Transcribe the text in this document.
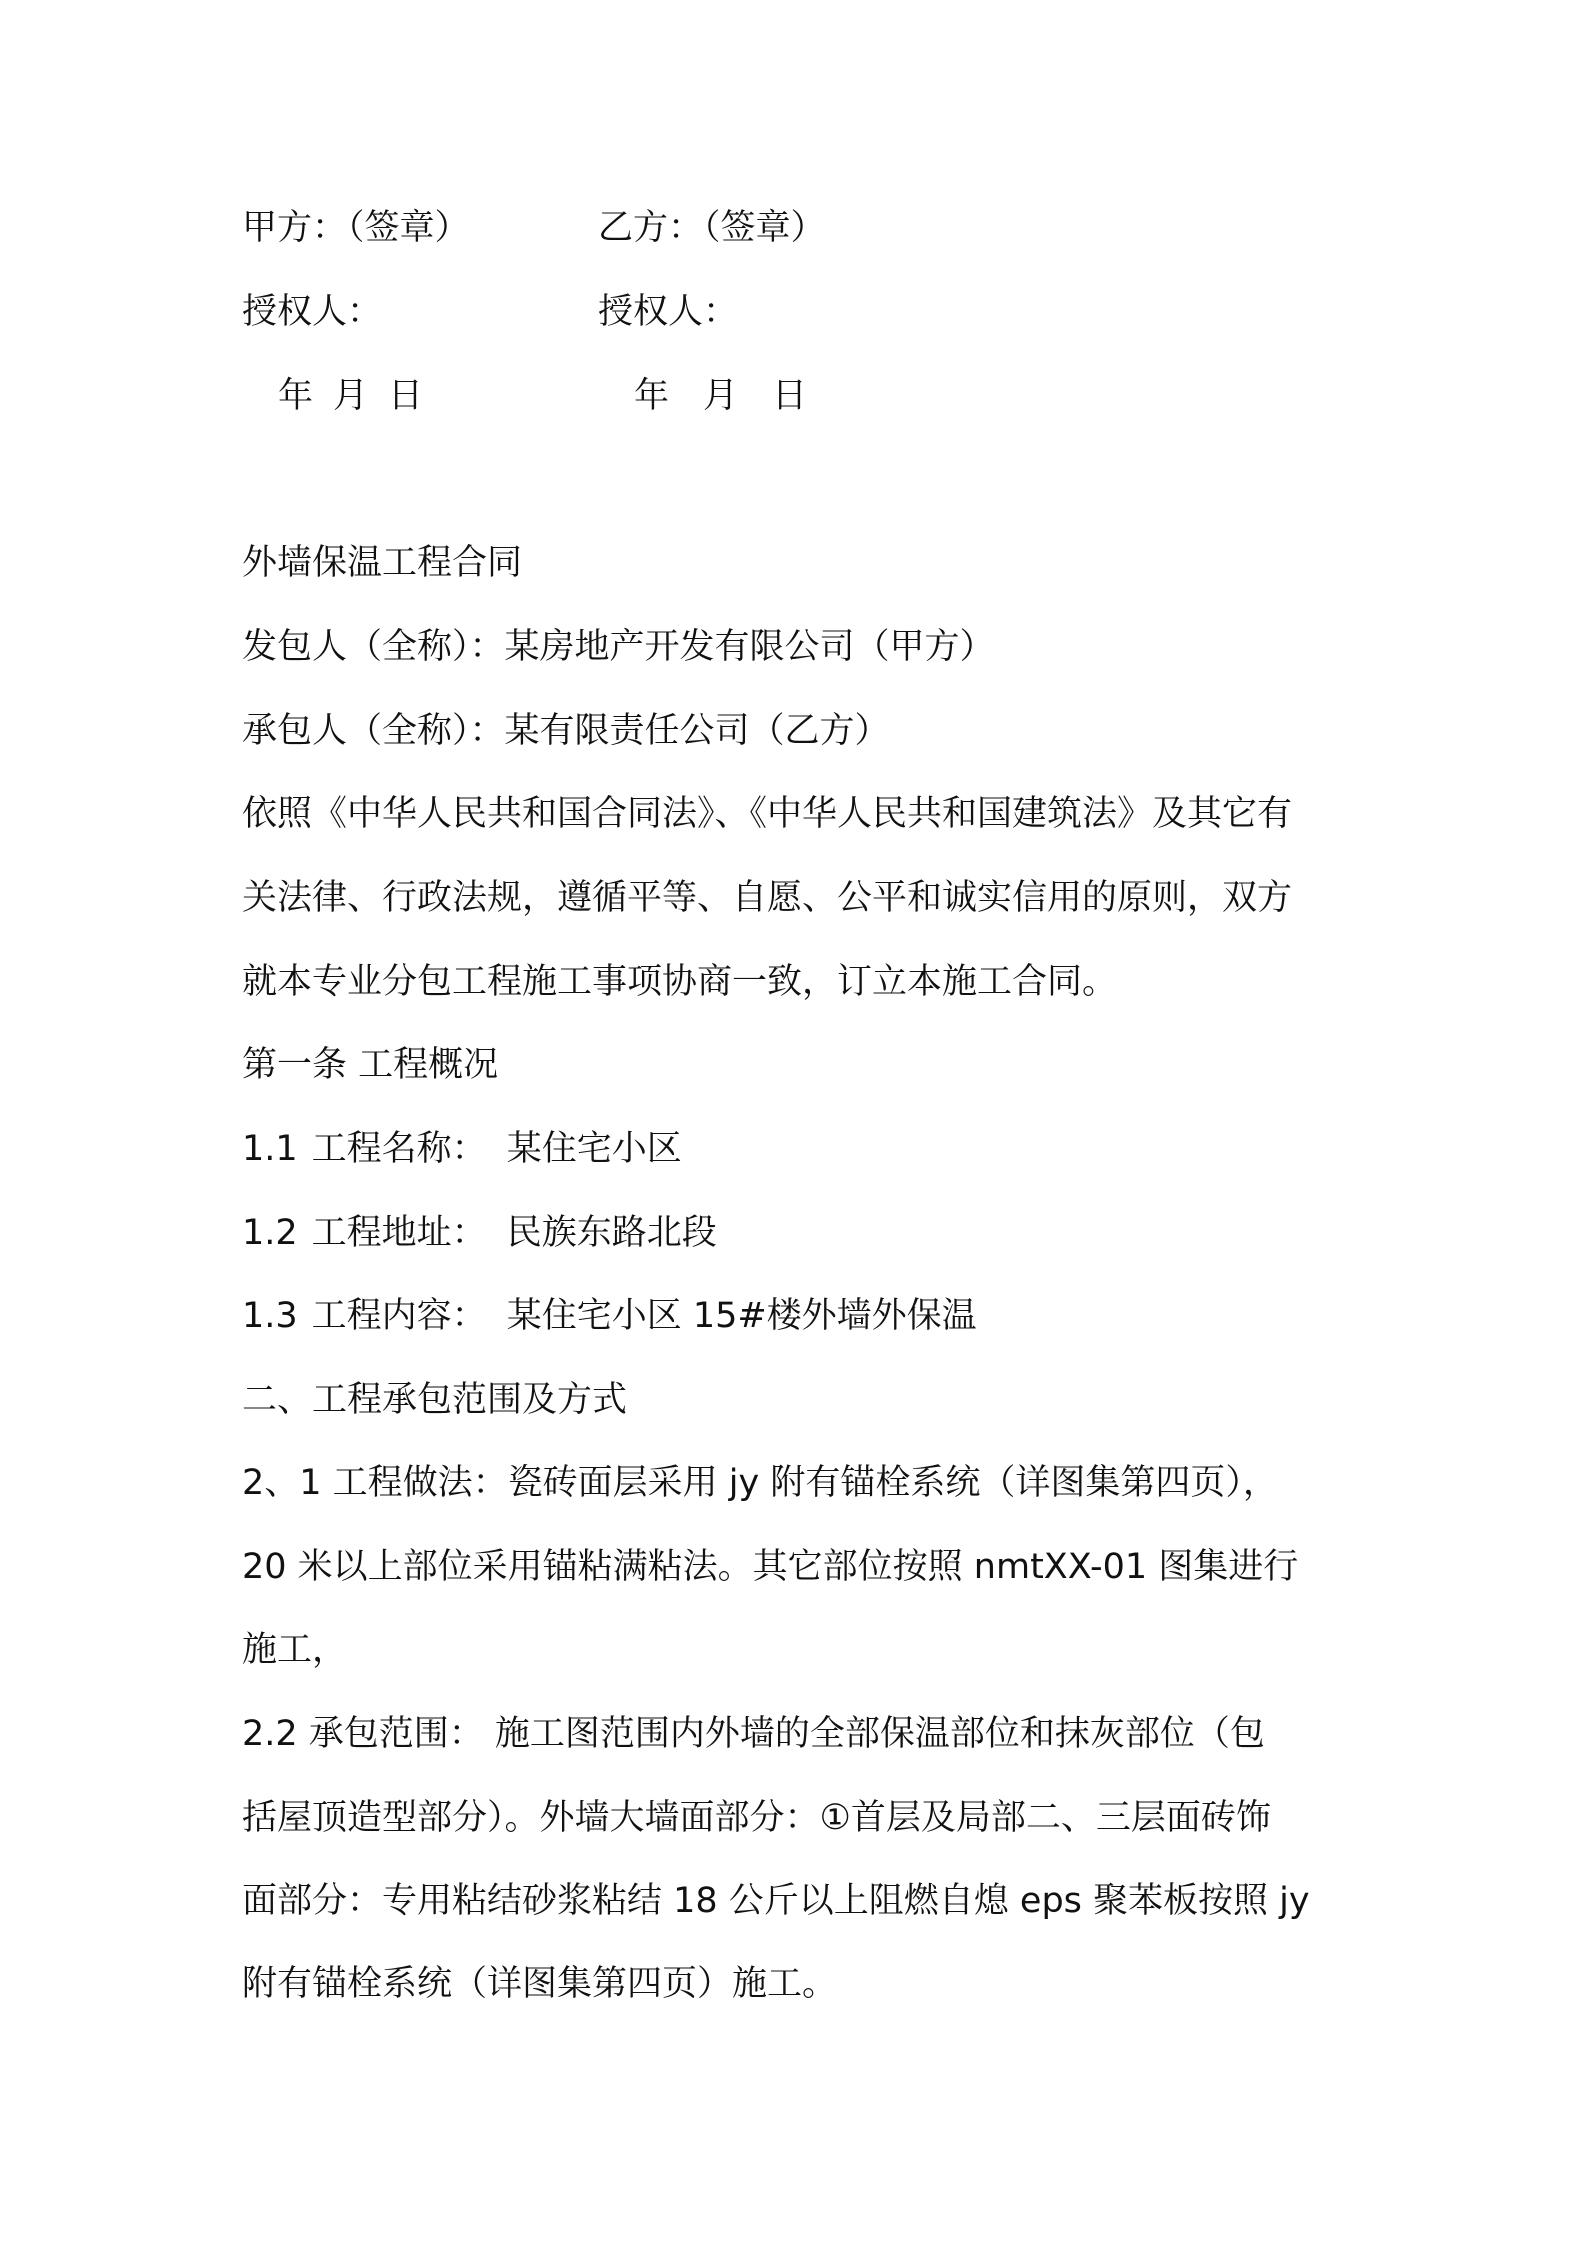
甲方：（签章）	乙方：（签章）
授权人：	授权人：
年 月 日	年 月 日
外墙保温工程合同
发包人（全称）：某房地产开发有限公司（甲方）
承包人（全称）：某有限责任公司（乙方）
依照《中华人民共和国合同法》、《中华人民共和国建筑法》及其它有
关法律、行政法规，遵循平等、自愿、公平和诚实信用的原则，双方
就本专业分包工程施工事项协商一致，订立本施工合同。
第一条 工程概况
1.1 工程名称： 某住宅小区
1.2 工程地址： 民族东路北段
1.3 工程内容： 某住宅小区 15#楼外墙外保温
二、工程承包范围及方式
2、1 工程做法：瓷砖面层采用 jy 附有锚栓系统（详图集第四页），
20 米以上部位采用锚粘满粘法。其它部位按照 nmtXX-01 图集进行
施工，
2.2 承包范围： 施工图范围内外墙的全部保温部位和抹灰部位（包
括屋顶造型部分）。外墙大墙面部分：①首层及局部二、三层面砖饰
面部分：专用粘结砂浆粘结 18 公斤以上阻燃自熄 eps 聚苯板按照 jy
附有锚栓系统（详图集第四页）施工。
